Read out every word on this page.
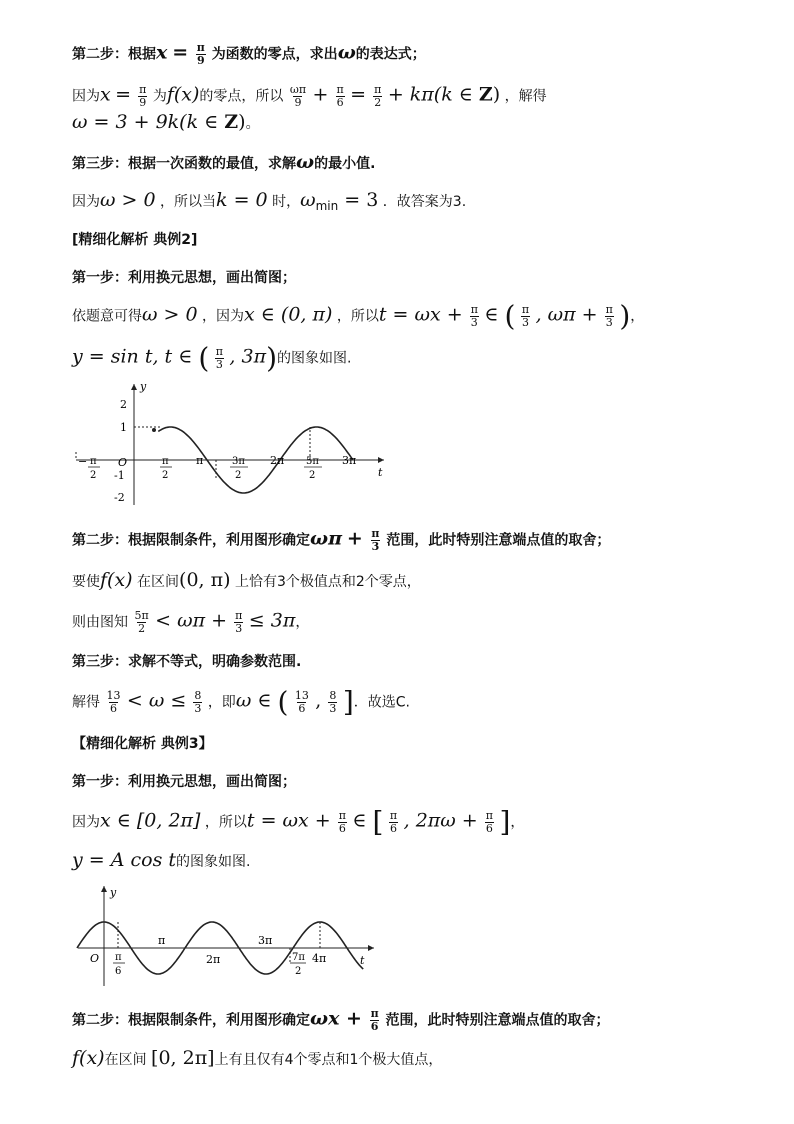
第二步：根据$x = \frac{\pi}{9}$ 为函数的零点，求出ω的表达式；
因为$x = \frac{\pi}{9}$ 为f(x)的零点，所以 $\frac{\omega\pi}{9} + \frac{\pi}{6} = \frac{\pi}{2} + k\pi(k$ ∈ Z) ，解得
ω = 3 + 9k(k ∈ Z)。
第三步：根据一次函数的最值，求解ω的最小值.
因为ω > 0 ，所以当k = 0 时，ωmin = 3 ．故答案为3.
[精细化解析 典例2]
第一步：利用换元思想，画出简图；
依题意可得ω > 0 ，因为x ∈ (0, π) ，所以$t = \omega x + \frac{\pi}{3}$ ∈ ( $\frac{\pi}{3}$ , $\omega\pi + \frac{\pi}{3}$ )，
y = sin t, t ∈ ( $\frac{\pi}{3}$ , 3π)的图象如图.
y
t
O
2
1
-1
-2
− π
2
π
2
π	3π
2
2π 5π
2
3π
第二步：根据限制条件，利用图形确定$\omega\pi + \frac{\pi}{3}$ 范围，此时特别注意端点值的取舍；
要使f(x) 在区间(0, π) 上恰有3个极值点和2个零点，
则由图知 $\frac{5\pi}{2} < \omega\pi + \frac{\pi}{3} \le 3\pi$，
第三步：求解不等式，明确参数范围.
解得 $\frac{13}{6} < \omega \le \frac{8}{3}$ ，即ω ∈ ( $\frac{13}{6}$ , $\frac{8}{3}$ ]．故选C.
【精细化解析 典例3】
第一步：利用换元思想，画出简图；
因为x ∈ [0, 2π] ，所以$t = \omega x + \frac{\pi}{6}$ ∈ [ $\frac{\pi}{6}$ , $2\pi\omega + \frac{\pi}{6}$ ]，
y = A cos t的图象如图.
y
t
O π
6
π
2π
3π
7π
2
4π
第二步：根据限制条件，利用图形确定$\omega x + \frac{\pi}{6}$ 范围，此时特别注意端点值的取舍；
f(x)在区间 [0, 2π]上有且仅有4个零点和1个极大值点，
